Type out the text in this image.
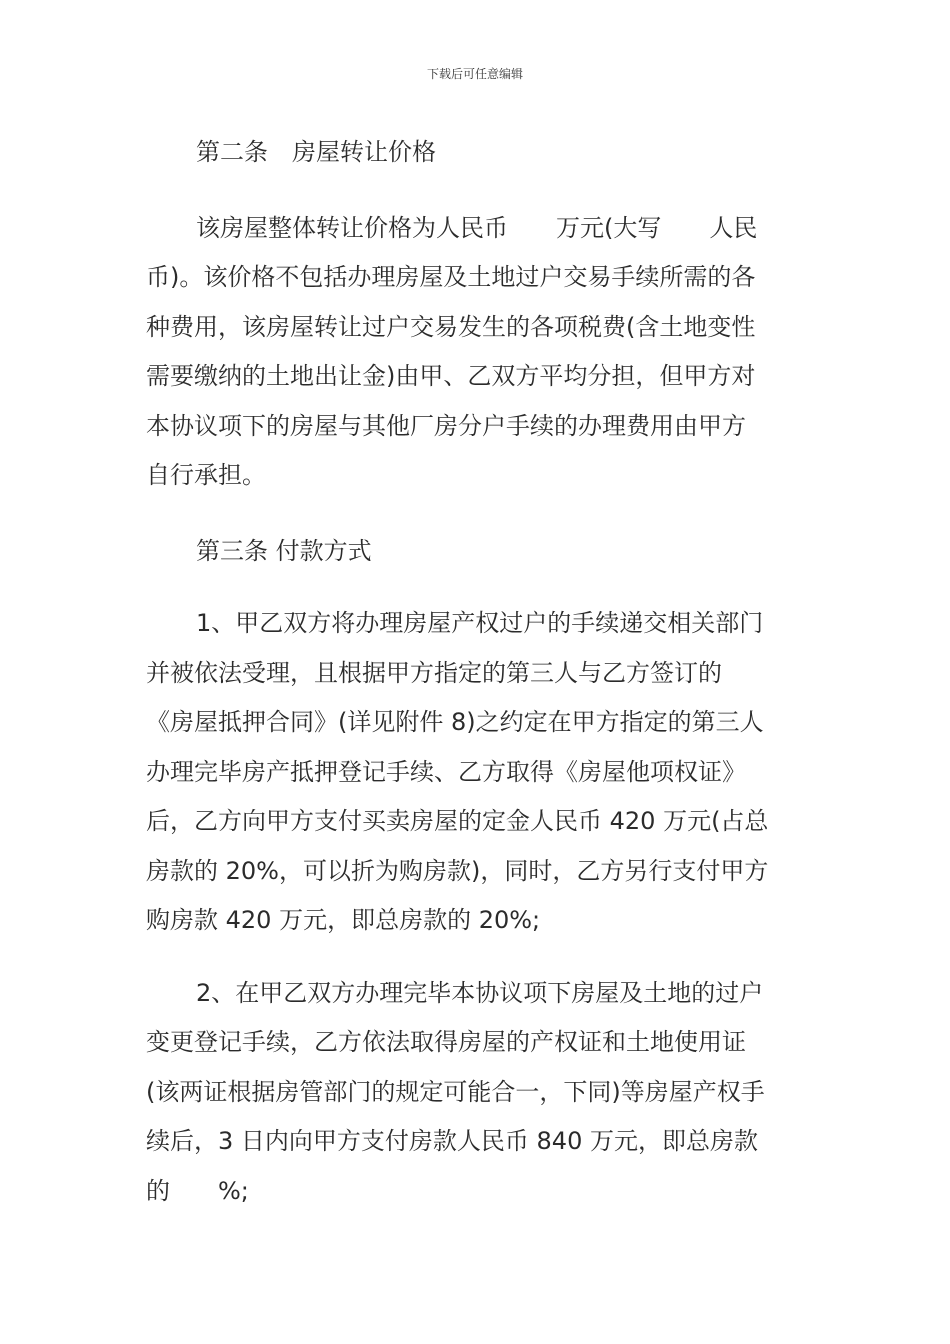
下载后可任意编辑
第二条　房屋转让价格
该房屋整体转让价格为人民币　　万元(大写　　人民
币)。该价格不包括办理房屋及土地过户交易手续所需的各
种费用，该房屋转让过户交易发生的各项税费(含土地变性
需要缴纳的土地出让金)由甲、乙双方平均分担，但甲方对
本协议项下的房屋与其他厂房分户手续的办理费用由甲方
自行承担。
第三条 付款方式
1、甲乙双方将办理房屋产权过户的手续递交相关部门
并被依法受理，且根据甲方指定的第三人与乙方签订的
《房屋抵押合同》(详见附件 8)之约定在甲方指定的第三人
办理完毕房产抵押登记手续、乙方取得《房屋他项权证》
后，乙方向甲方支付买卖房屋的定金人民币 420 万元(占总
房款的 20%，可以折为购房款)，同时，乙方另行支付甲方
购房款 420 万元，即总房款的 20%;
2、在甲乙双方办理完毕本协议项下房屋及土地的过户
变更登记手续，乙方依法取得房屋的产权证和土地使用证
(该两证根据房管部门的规定可能合一，下同)等房屋产权手
续后，3 日内向甲方支付房款人民币 840 万元，即总房款
的　　%;
